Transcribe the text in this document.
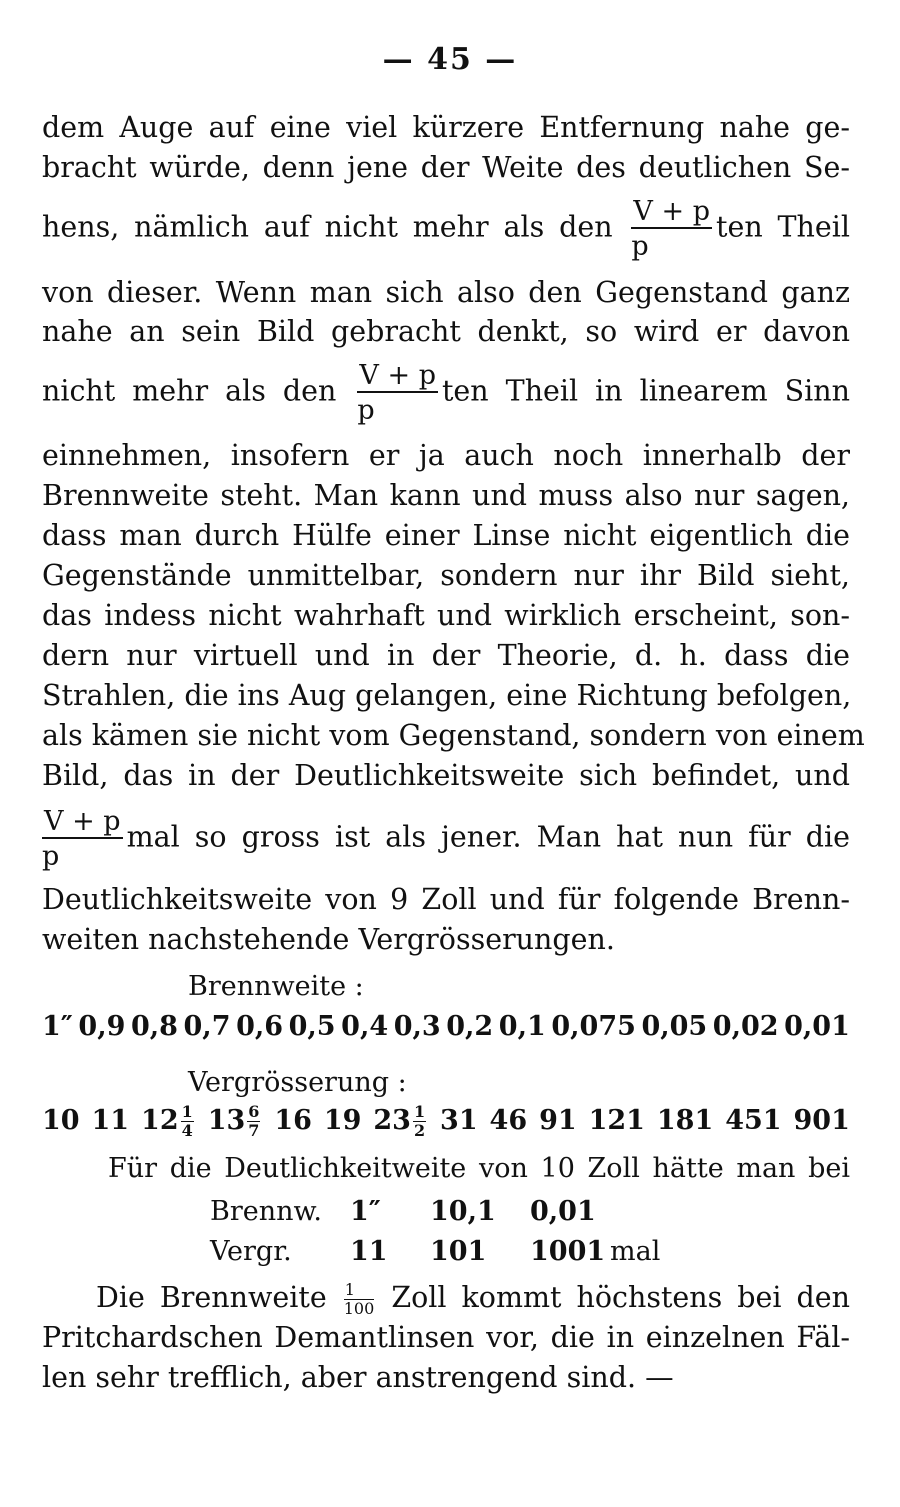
— 45 —
dem Auge auf eine viel kürzere Entfernung nahe ge-
bracht würde, denn jene der Weite des deutlichen Se-
hens, nämlich auf nicht mehr als den $\frac{V + p}{p}$ ten Theil
von dieser. Wenn man sich also den Gegenstand ganz
nahe an sein Bild gebracht denkt, so wird er davon
nicht mehr als den $\frac{V + p}{p}$ ten Theil in linearem Sinn
einnehmen, insofern er ja auch noch innerhalb der
Brennweite steht. Man kann und muss also nur sagen,
dass man durch Hülfe einer Linse nicht eigentlich die
Gegenstände unmittelbar, sondern nur ihr Bild sieht,
das indess nicht wahrhaft und wirklich erscheint, son-
dern nur virtuell und in der Theorie, d. h. dass die
Strahlen, die ins Aug gelangen, eine Richtung befolgen,
als kämen sie nicht vom Gegenstand, sondern von einem
Bild, das in der Deutlichkeitsweite sich befindet, und
$\frac{V + p}{p}$ mal so gross ist als jener. Man hat nun für die
Deutlichkeitsweite von 9 Zoll und für folgende Brenn-
weiten nachstehende Vergrösserungen.
Brennweite :
1″ 0,9 0,8 0,7 0,6 0,5 0,4 0,3 0,2 0,1 0,075 0,05 0,02 0,01
Vergrösserung :
10 11 $12 \frac{1}{4} 13 \frac{6}{7} 16$ 19 $23 \frac{1}{2} 31$ 46 91 121 181 451 901
Für die Deutlichkeitweite von 10 Zoll hätte man bei
Brennw.	1″	10,1	0,01
Vergr.	11	101	1001 mal
Die Brennweite $\frac{1}{100}$ Zoll kommt höchstens bei den
Pritchardschen Demantlinsen vor, die in einzelnen Fäl-
len sehr trefflich, aber anstrengend sind. —
